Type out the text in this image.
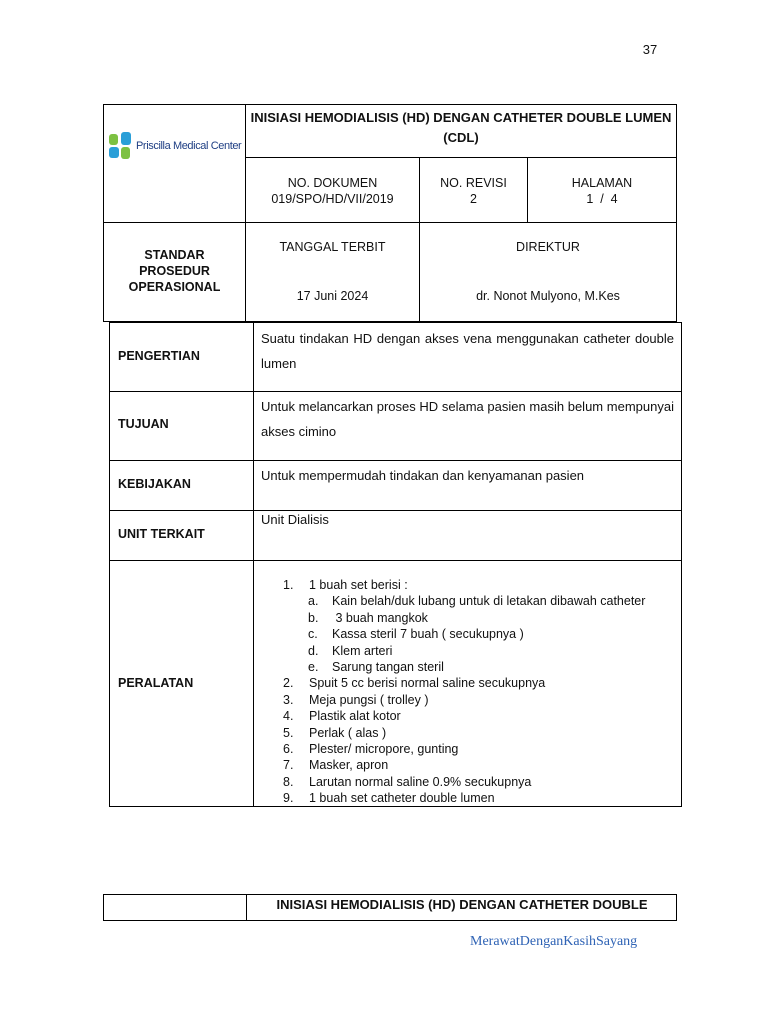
37
Priscilla Medical Center
INISIASI HEMODIALISIS (HD) DENGAN CATHETER DOUBLE LUMEN (CDL)
NO. DOKUMEN
019/SPO/HD/VII/2019
NO. REVISI
2
HALAMAN
1  /  4
STANDAR
PROSEDUR
OPERASIONAL
TANGGAL TERBIT
17 Juni 2024
DIREKTUR
dr. Nonot Mulyono, M.Kes
PENGERTIAN
Suatu tindakan HD dengan akses vena menggunakan catheter double lumen
TUJUAN
Untuk melancarkan proses HD selama pasien masih belum mempunyai akses cimino
KEBIJAKAN
Untuk mempermudah tindakan dan kenyamanan pasien
UNIT TERKAIT
Unit Dialisis
PERALATAN
1. 1 buah set berisi :
a. Kain belah/duk lubang untuk di letakan dibawah catheter
b. 3 buah mangkok
c. Kassa steril 7 buah ( secukupnya )
d. Klem arteri
e. Sarung tangan steril
2. Spuit 5 cc berisi normal saline secukupnya
3. Meja pungsi ( trolley )
4. Plastik alat kotor
5. Perlak ( alas )
6. Plester/ micropore, gunting
7. Masker, apron
8. Larutan normal saline 0.9% secukupnya
9. 1 buah set catheter double lumen
INISIASI HEMODIALISIS (HD) DENGAN CATHETER DOUBLE
MerawatDenganKasihSayang
